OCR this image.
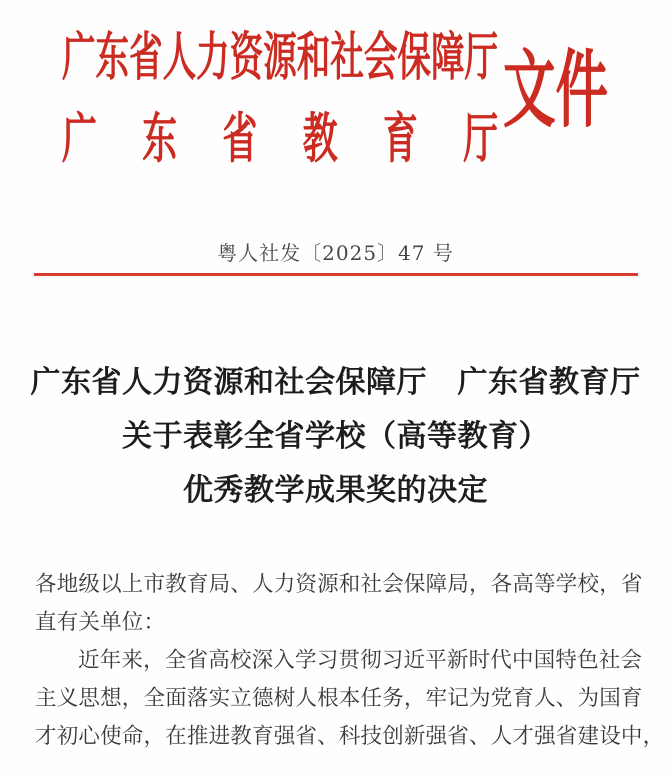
广东省人力资源和社会保障厅
广东省教育厅 文件
粤人社发〔2025〕47 号
广东省人力资源和社会保障厅　广东省教育厅
关于表彰全省学校（高等教育）
优秀教学成果奖的决定
各地级以上市教育局、人力资源和社会保障局，各高等学校，省
直有关单位：
近年来，全省高校深入学习贯彻习近平新时代中国特色社会
主义思想，全面落实立德树人根本任务，牢记为党育人、为国育
才初心使命，在推进教育强省、科技创新强省、人才强省建设中，
